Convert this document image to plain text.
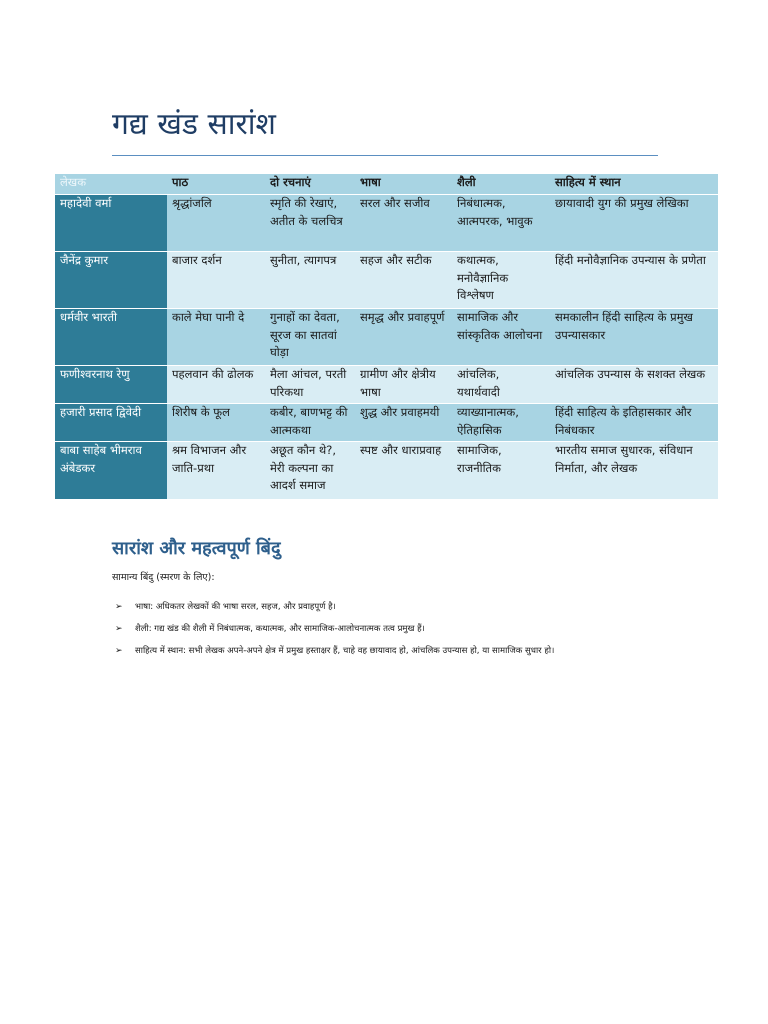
गद्य खंड सारांश
लेखक	पाठ	दो रचनाएं	भाषा	शैली	साहित्य में स्थान
महादेवी वर्मा	श्रृद्धांजलि	स्मृति की रेखाएं, अतीत के चलचित्र	सरल और सजीव	निबंधात्मक, आत्मपरक, भावुक	छायावादी युग की प्रमुख लेखिका
जैनेंद्र कुमार	बाजार दर्शन	सुनीता, त्यागपत्र	सहज और सटीक	कथात्मक, मनोवैज्ञानिक विश्लेषण	हिंदी मनोवैज्ञानिक उपन्यास के प्रणेता
धर्मवीर भारती	काले मेघा पानी दे	गुनाहों का देवता, सूरज का सातवां घोड़ा	समृद्ध और प्रवाहपूर्ण	सामाजिक और सांस्कृतिक आलोचना	समकालीन हिंदी साहित्य के प्रमुख उपन्यासकार
फणीश्वरनाथ रेणु	पहलवान की ढोलक	मैला आंचल, परती परिकथा	ग्रामीण और क्षेत्रीय भाषा	आंचलिक, यथार्थवादी	आंचलिक उपन्यास के सशक्त लेखक
हजारी प्रसाद द्विवेदी	शिरीष के फूल	कबीर, बाणभट्ट की आत्मकथा	शुद्ध और प्रवाहमयी	व्याख्यानात्मक, ऐतिहासिक	हिंदी साहित्य के इतिहासकार और निबंधकार
बाबा साहेब भीमराव अंबेडकर	श्रम विभाजन और जाति-प्रथा	अछूत कौन थे?, मेरी कल्पना का आदर्श समाज	स्पष्ट और धाराप्रवाह	सामाजिक, राजनीतिक	भारतीय समाज सुधारक, संविधान निर्माता, और लेखक
सारांश और महत्वपूर्ण बिंदु
सामान्य बिंदु (स्मरण के लिए):
➢ भाषा: अधिकतर लेखकों की भाषा सरल, सहज, और प्रवाहपूर्ण है।
➢ शैली: गद्य खंड की शैली में निबंधात्मक, कथात्मक, और सामाजिक-आलोचनात्मक तत्व प्रमुख हैं।
➢ साहित्य में स्थान: सभी लेखक अपने-अपने क्षेत्र में प्रमुख हस्ताक्षर हैं, चाहे वह छायावाद हो, आंचलिक उपन्यास हो, या सामाजिक सुधार हो।
